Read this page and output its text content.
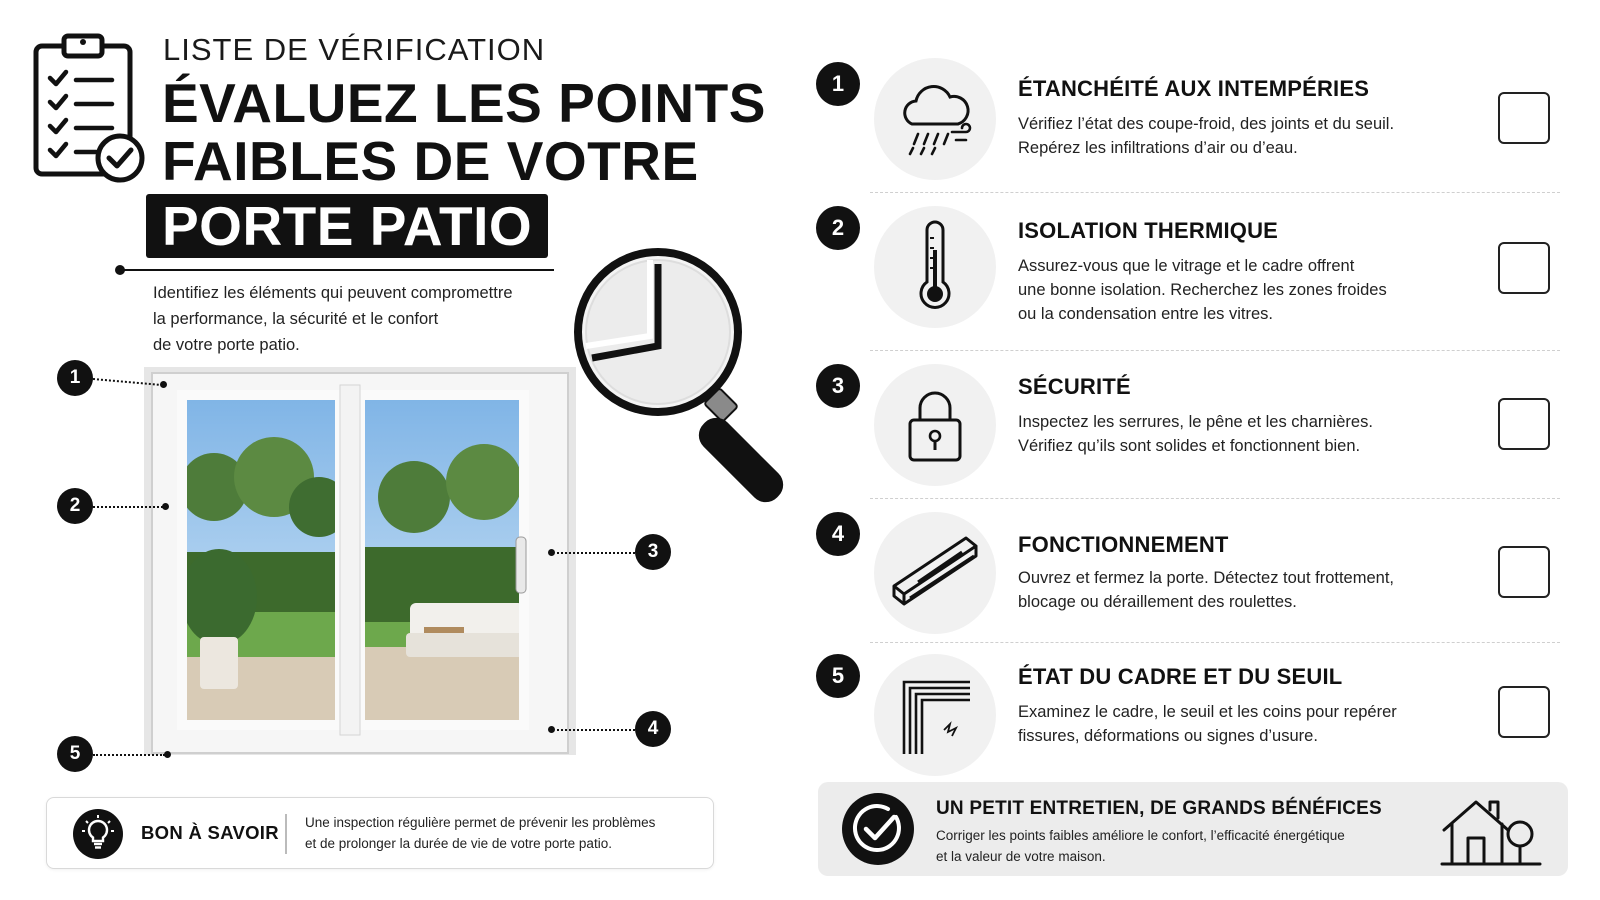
LISTE DE VÉRIFICATION
ÉVALUEZ LES POINTS
FAIBLES DE VOTRE
PORTE PATIO
Identifiez les éléments qui peuvent compromettre
la performance, la sécurité et le confort
de votre porte patio.
1
2
3
4
5
BON À SAVOIR Une inspection régulière permet de prévenir les problèmes
et de prolonger la durée de vie de votre porte patio.
1	ÉTANCHÉITÉ AUX INTEMPÉRIES
Vérifiez l’état des coupe-froid, des joints et du seuil.
Repérez les infiltrations d’air ou d’eau.
2	ISOLATION THERMIQUE
Assurez-vous que le vitrage et le cadre offrent
une bonne isolation. Recherchez les zones froides
ou la condensation entre les vitres.
3	SÉCURITÉ
Inspectez les serrures, le pêne et les charnières.
Vérifiez qu’ils sont solides et fonctionnent bien.
4	FONCTIONNEMENT
Ouvrez et fermez la porte. Détectez tout frottement,
blocage ou déraillement des roulettes.
5	ÉTAT DU CADRE ET DU SEUIL
Examinez le cadre, le seuil et les coins pour repérer
fissures, déformations ou signes d’usure.
UN PETIT ENTRETIEN, DE GRANDS BÉNÉFICES
Corriger les points faibles améliore le confort, l’efficacité énergétique
et la valeur de votre maison.
